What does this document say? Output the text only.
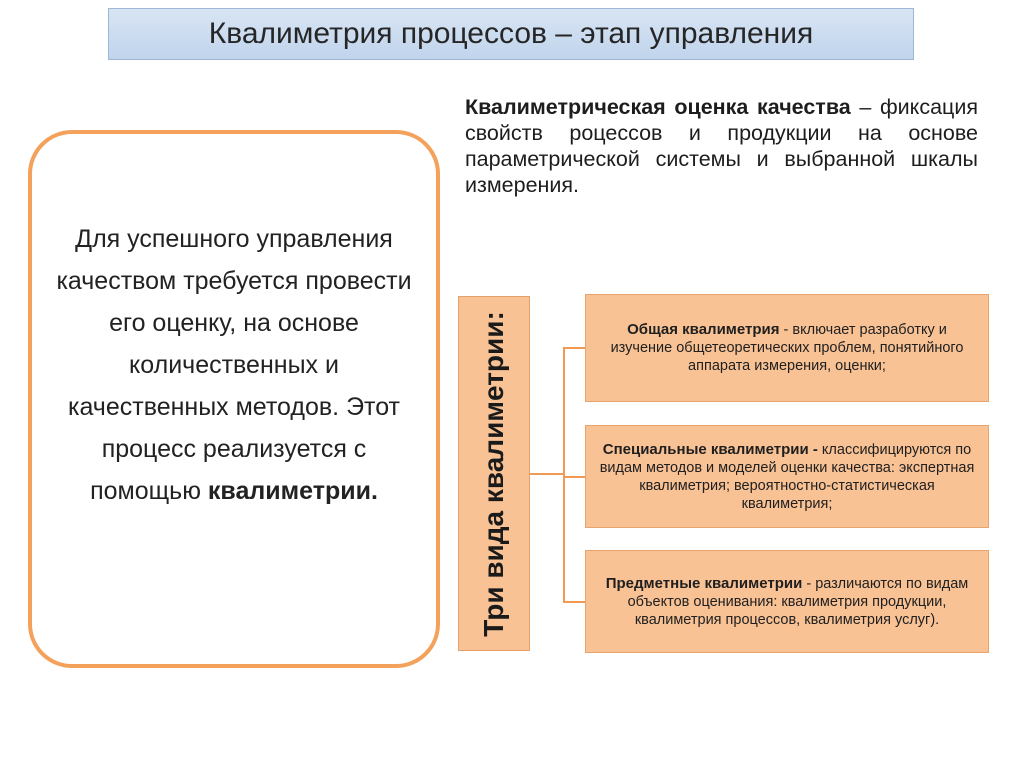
Квалиметрия процессов – этап управления
Квалиметрическая оценка качества – фиксация свойств роцессов и продукции на основе параметрической системы и выбранной шкалы измерения.

Для успешного управления качеством требуется провести его оценку, на основе количественных и качественных методов. Этот процесс реализуется с помощью квалиметрии.	Три вида квалиметрии:	Общая квалиметрия - включает разработку и изучение общетеоретических проблем, понятийного аппарата измерения, оценки;
Специальные квалиметрии - классифицируются по видам методов и моделей оценки качества: экспертная квалиметрия; вероятностно-статистическая квалиметрия;
Предметные квалиметрии - различаются по видам объектов оценивания: квалиметрия продукции, квалиметрия процессов, квалиметрия услуг).
